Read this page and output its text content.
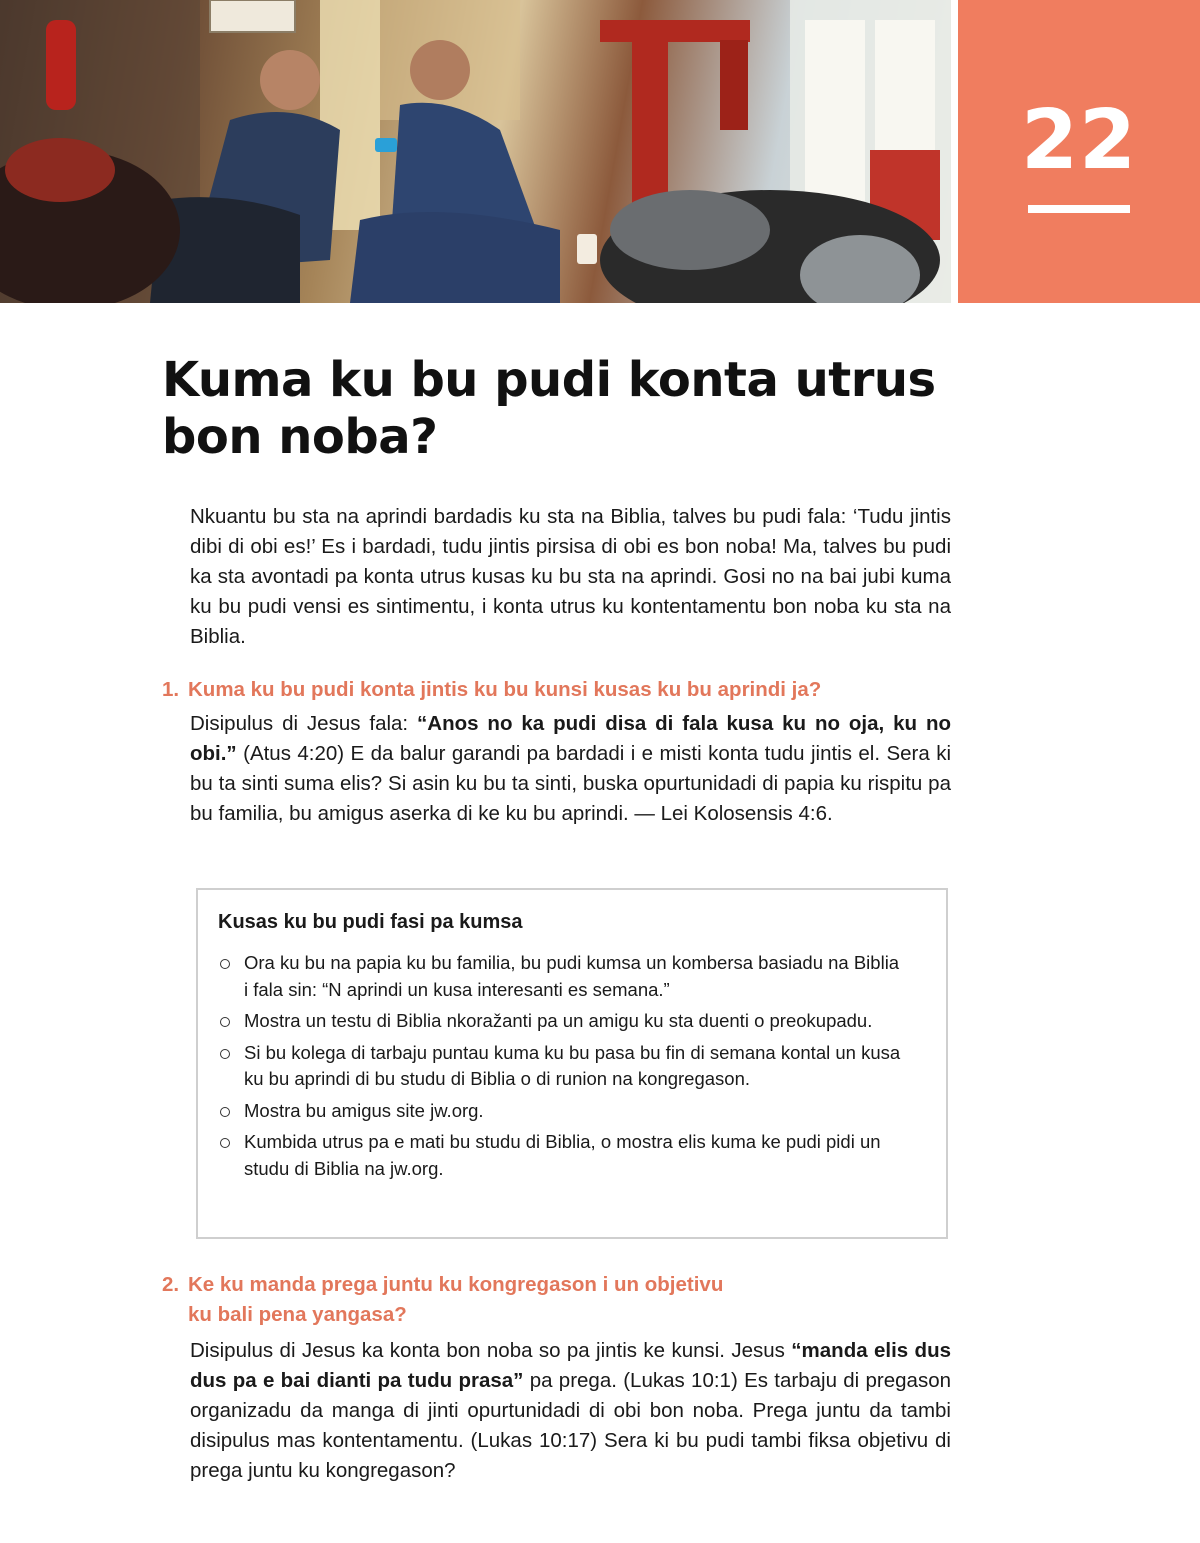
22
Kuma ku bu pudi konta utrus
bon noba?

Nkuantu bu sta na aprindi bardadis ku sta na Biblia, talves bu pudi fala: ‘Tudu jintis dibi di obi es!’ Es i bardadi, tudu jintis pirsisa di obi es bon noba! Ma, talves bu pudi ka sta avontadi pa konta utrus kusas ku bu sta na aprindi. Gosi no na bai jubi kuma ku bu pudi vensi es sintimentu, i konta utrus ku kontentamentu bon noba ku sta na Biblia.

1. Kuma ku bu pudi konta jintis ku bu kunsi kusas ku bu aprindi ja?

Disipulus di Jesus fala: “Anos no ka pudi disa di fala kusa ku no oja, ku no obi.” (Atus 4:20) E da balur garandi pa bardadi i e misti konta tudu jintis el. Sera ki bu ta sinti suma elis? Si asin ku bu ta sinti, buska opurtunidadi di papia ku rispitu pa bu familia, bu amigus aserka di ke ku bu aprindi. — Lei Kolosensis 4:6.

Kusas ku bu pudi fasi pa kumsa
Ora ku bu na papia ku bu familia, bu pudi kumsa un kombersa basiadu na Biblia i fala sin: “N aprindi un kusa interesanti es semana.”
Mostra un testu di Biblia nkoražanti pa un amigu ku sta duenti o preokupadu.
Si bu kolega di tarbaju puntau kuma ku bu pasa bu fin di semana kontal un kusa ku bu aprindi di bu studu di Biblia o di runion na kongregason.
Mostra bu amigus site jw.org.
Kumbida utrus pa e mati bu studu di Biblia, o mostra elis kuma ke pudi pidi un studu di Biblia na jw.org.
2. Ke ku manda prega juntu ku kongregason i un objetivu
ku bali pena yangasa?

Disipulus di Jesus ka konta bon noba so pa jintis ke kunsi. Jesus “manda elis dus dus pa e bai dianti pa tudu prasa” pa prega. (Lukas 10:1) Es tarbaju di pregason organizadu da manga di jinti opurtunidadi di obi bon noba. Prega juntu da tambi disipulus mas kontentamentu. (Lukas 10:17) Sera ki bu pudi tambi fiksa objetivu di prega juntu ku kongregason?
